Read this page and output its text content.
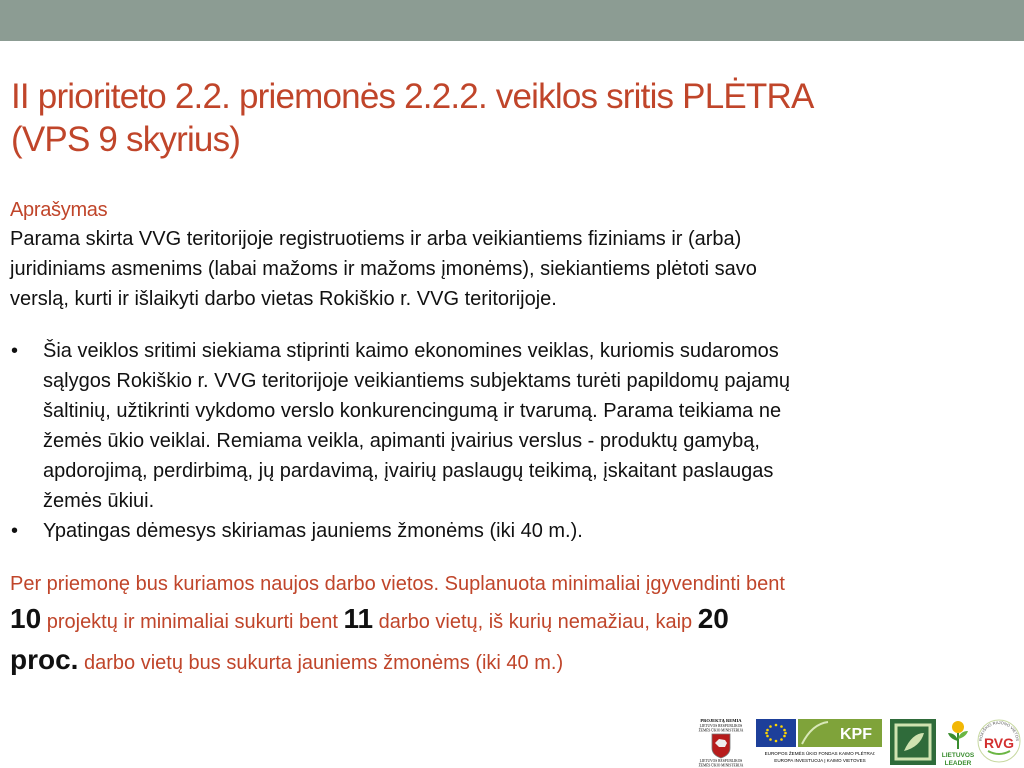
II prioriteto 2.2. priemonės 2.2.2. veiklos sritis PLĖTRA
(VPS 9 skyrius)

Aprašymas

Parama skirta VVG teritorijoje registruotiems ir arba veikiantiems fiziniams ir (arba)
juridiniams asmenims (labai mažoms ir mažoms įmonėms), siekiantiems plėtoti savo
verslą, kurti ir išlaikyti darbo vietas Rokiškio r. VVG teritorijoje.

• Šia veiklos sritimi siekiama stiprinti kaimo ekonomines veiklas, kuriomis sudaromos
sąlygos Rokiškio r. VVG teritorijoje veikiantiems subjektams turėti papildomų pajamų
šaltinių, užtikrinti vykdomo verslo konkurencingumą ir tvarumą. Parama teikiama ne
žemės ūkio veiklai. Remiama veikla, apimanti įvairius verslus - produktų gamybą,
apdorojimą, perdirbimą, jų pardavimą, įvairių paslaugų teikimą, įskaitant paslaugas
žemės ūkiui.
• Ypatingas dėmesys skiriamas jauniems žmonėms (iki 40 m.).

Per priemonę bus kuriamos naujos darbo vietos. Suplanuota minimaliai įgyvendinti bent
10 projektų ir minimaliai sukurti bent 11 darbo vietų, iš kurių nemažiau, kaip 20
proc. darbo vietų bus sukurta jauniems žmonėms (iki 40 m.)

PROJEKTĄ REMIA
LIETUVOS RESPUBLIKOS
ŽEMĖS ŪKIO MINISTERIJA
LIETUVOS RESPUBLIKOS
ŽEMĖS ŪKIO MINISTERIJA
KPF
EUROPOS ŽEMĖS ŪKIO FONDAS KAIMO PLĖTRAI:
EUROPA INVESTUOJA Į KAIMO VIETOVES
LIETUVOS
LEADER
ROKIŠKIO RAJONO VIETOS
RVG
